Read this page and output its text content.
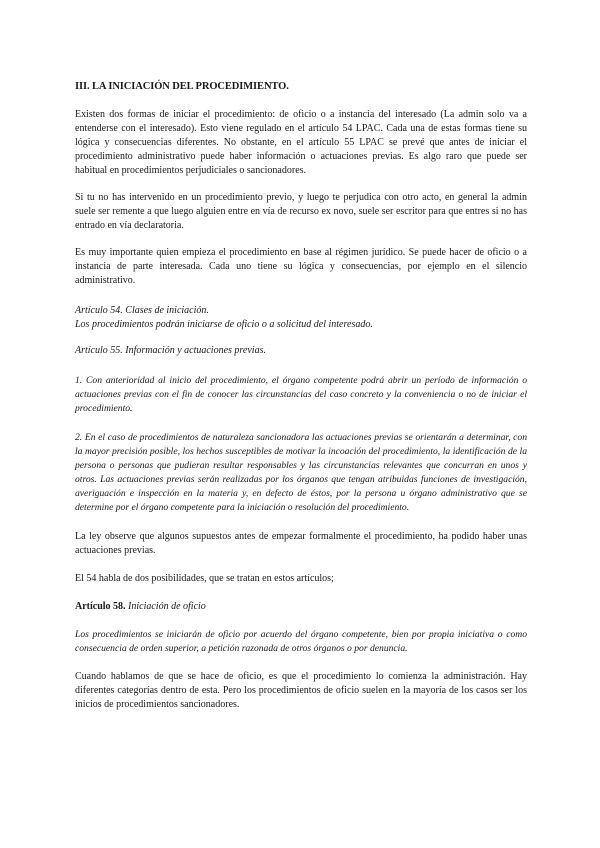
III. LA INICIACIÓN DEL PROCEDIMIENTO.

Existen dos formas de iniciar el procedimiento: de oficio o a instancia del interesado (La admin solo va a entenderse con el interesado). Esto viene regulado en el artículo 54 LPAC. Cada una de estas formas tiene su lógica y consecuencias diferentes. No obstante, en el artículo 55 LPAC se prevé que antes de iniciar el procedimiento administrativo puede haber información o actuaciones previas. Es algo raro que puede ser habitual en procedimientos perjudiciales o sancionadores.

Si tu no has intervenido en un procedimiento previo, y luego te perjudica con otro acto, en general la admin suele ser remente a que luego alguien entre en vía de recurso ex novo, suele ser escritor para que entres si no has entrado en vía declaratoria.

Es muy importante quien empieza el procedimiento en base al régimen jurídico. Se puede hacer de oficio o a instancia de parte interesada. Cada uno tiene su lógica y consecuencias, por ejemplo en el silencio administrativo.

Artículo 54. Clases de iniciación.

Los procedimientos podrán iniciarse de oficio o a solicitud del interesado.

Artículo 55. Información y actuaciones previas.

1. Con anterioridad al inicio del procedimiento, el órgano competente podrá abrir un período de información o actuaciones previas con el fin de conocer las circunstancias del caso concreto y la conveniencia o no de iniciar el procedimiento.

2. En el caso de procedimientos de naturaleza sancionadora las actuaciones previas se orientarán a determinar, con la mayor precisión posible, los hechos susceptibles de motivar la incoación del procedimiento, la identificación de la persona o personas que pudieran resultar responsables y las circunstancias relevantes que concurran en unos y otros. Las actuaciones previas serán realizadas por los órganos que tengan atribuidas funciones de investigación, averiguación e inspección en la materia y, en defecto de éstos, por la persona u órgano administrativo que se determine por el órgano competente para la iniciación o resolución del procedimiento.

La ley observe que algunos supuestos antes de empezar formalmente el procedimiento, ha podido haber unas actuaciones previas.

El 54 habla de dos posibilidades, que se tratan en estos artículos;

Artículo 58. Iniciación de oficio

Los procedimientos se iniciarán de oficio por acuerdo del órgano competente, bien por propia iniciativa o como consecuencia de orden superior, a petición razonada de otros órganos o por denuncia.

Cuando hablamos de que se hace de oficio, es que el procedimiento lo comienza la administración. Hay diferentes categorías dentro de esta. Pero los procedimientos de oficio suelen en la mayoría de los casos ser los inicios de procedimientos sancionadores.
